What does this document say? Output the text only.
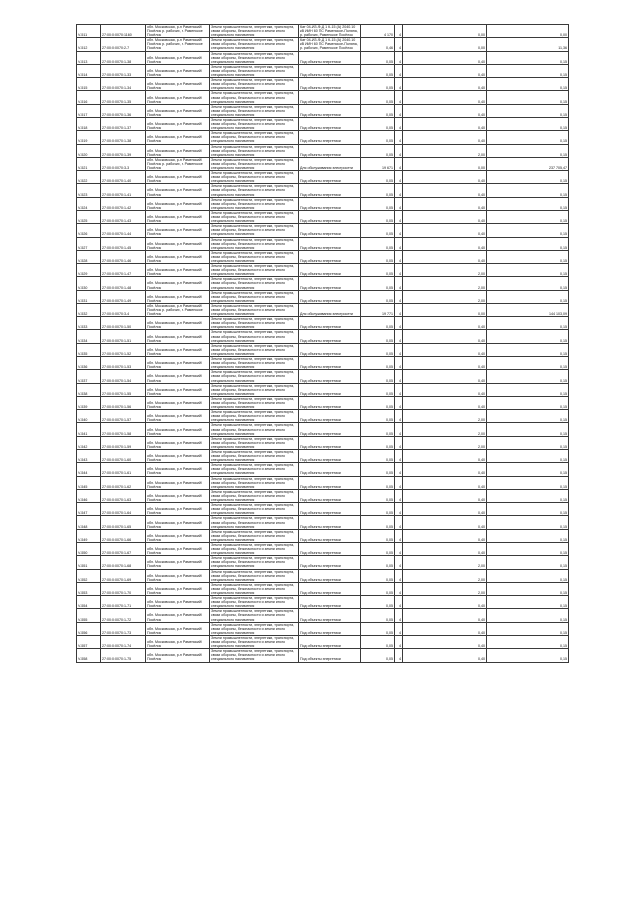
V-511	27:00:0:0070:1160	обл. Московская, р-н Раменский/Посёлок р. рабочих, г. Раменское Посёлок	Земли промышленности, энергетики, транспорта, связи обороны, безопасности и земли иного специального назначения	Кат 04-ИЗ-Ф-Д 1 К-15 (А) 2040.10 кВ ИИН 60 ПС Раменское-Поляна, р. рабочих, Раменское Посёлок	4 170	4	0,00	0,00
V-512	27:00:0:0070:2-7	обл. Московская, р-н Раменский/Посёлок р. рабочих, г. Раменское Посёлок	Земли промышленности, энергетики, транспорта, связи обороны, безопасности и земли иного специального назначения	Кат 04-ИЗ-Ф-Д 1 К-15 (А) 2040.10 кВ ИИН 60 ПС Раменское-Поляна, р. рабочих, Раменское Посёлок	0,46	4	0,00	11,36
V-513	27:00:0:0070:1-38	обл. Московская, р-н Раменский/Посёлок	Земли промышленности, энергетики, транспорта, связи обороны, безопасности и земли иного специального назначения	Под объекты энергетики	0,05	4	0,40	0,15
V-514	27:00:0:0070:1-33	обл. Московская, р-н Раменский/Посёлок	Земли промышленности, энергетики, транспорта, связи обороны, безопасности и земли иного специального назначения	Под объекты энергетики	0,05	4	0,40	0,15
V-515	27:00:0:0070:1-34	обл. Московская, р-н Раменский/Посёлок	Земли промышленности, энергетики, транспорта, связи обороны, безопасности и земли иного специального назначения	Под объекты энергетики	0,05	4	0,40	0,15
V-516	27:00:0:0070:1-35	обл. Московская, р-н Раменский/Посёлок	Земли промышленности, энергетики, транспорта, связи обороны, безопасности и земли иного специального назначения	Под объекты энергетики	0,05	4	0,40	0,15
V-517	27:00:0:0070:1-36	обл. Московская, р-н Раменский/Посёлок	Земли промышленности, энергетики, транспорта, связи обороны, безопасности и земли иного специального назначения	Под объекты энергетики	0,05	4	0,40	0,15
V-518	27:00:0:0070:1-37	обл. Московская, р-н Раменский/Посёлок	Земли промышленности, энергетики, транспорта, связи обороны, безопасности и земли иного специального назначения	Под объекты энергетики	0,05	4	0,40	0,15
V-519	27:00:0:0070:1-38	обл. Московская, р-н Раменский/Посёлок	Земли промышленности, энергетики, транспорта, связи обороны, безопасности и земли иного специального назначения	Под объекты энергетики	0,05	4	0,40	0,15
V-520	27:00:0:0070:1-39	обл. Московская, р-н Раменский/Посёлок	Земли промышленности, энергетики, транспорта, связи обороны, безопасности и земли иного специального назначения	Под объекты энергетики	0,05	4	2,00	0,15
V-521	27:00:0:0070:3-3	обл. Московская, р-н Раменский/Посёлок р. рабочих, г. Раменское Посёлок	Земли промышленности, энергетики, транспорта, связи обороны, безопасности и земли иного специального назначения	Для обслуживания электросети	19 671	4	0,00	237 705,47
V-522	27:00:0:0070:1-40	обл. Московская, р-н Раменский/Посёлок	Земли промышленности, энергетики, транспорта, связи обороны, безопасности и земли иного специального назначения	Под объекты энергетики	0,05	4	0,40	0,15
V-523	27:00:0:0070:1-41	обл. Московская, р-н Раменский/Посёлок	Земли промышленности, энергетики, транспорта, связи обороны, безопасности и земли иного специального назначения	Под объекты энергетики	0,05	4	0,40	0,15
V-524	27:00:0:0070:1-42	обл. Московская, р-н Раменский/Посёлок	Земли промышленности, энергетики, транспорта, связи обороны, безопасности и земли иного специального назначения	Под объекты энергетики	0,05	4	0,40	0,15
V-525	27:00:0:0070:1-43	обл. Московская, р-н Раменский/Посёлок	Земли промышленности, энергетики, транспорта, связи обороны, безопасности и земли иного специального назначения	Под объекты энергетики	0,05	4	0,40	0,15
V-526	27:00:0:0070:1-44	обл. Московская, р-н Раменский/Посёлок	Земли промышленности, энергетики, транспорта, связи обороны, безопасности и земли иного специального назначения	Под объекты энергетики	0,05	4	0,40	0,15
V-527	27:00:0:0070:1-45	обл. Московская, р-н Раменский/Посёлок	Земли промышленности, энергетики, транспорта, связи обороны, безопасности и земли иного специального назначения	Под объекты энергетики	0,05	4	0,40	0,15
V-528	27:00:0:0070:1-46	обл. Московская, р-н Раменский/Посёлок	Земли промышленности, энергетики, транспорта, связи обороны, безопасности и земли иного специального назначения	Под объекты энергетики	0,05	4	0,40	0,15
V-529	27:00:0:0070:1-47	обл. Московская, р-н Раменский/Посёлок	Земли промышленности, энергетики, транспорта, связи обороны, безопасности и земли иного специального назначения	Под объекты энергетики	0,05	4	2,00	0,15
V-530	27:00:0:0070:1-48	обл. Московская, р-н Раменский/Посёлок	Земли промышленности, энергетики, транспорта, связи обороны, безопасности и земли иного специального назначения	Под объекты энергетики	0,05	4	2,00	0,15
V-531	27:00:0:0070:1-49	обл. Московская, р-н Раменский/Посёлок	Земли промышленности, энергетики, транспорта, связи обороны, безопасности и земли иного специального назначения	Под объекты энергетики	0,05	4	2,00	0,15
V-532	27:00:0:0070:3-4	обл. Московская, р-н Раменский/Посёлок р. рабочих, г. Раменское Посёлок	Земли промышленности, энергетики, транспорта, связи обороны, безопасности и земли иного специального назначения	Для обслуживания электросети	19 771	4	0,00	144 103,09
V-533	27:00:0:0070:1-50	обл. Московская, р-н Раменский/Посёлок	Земли промышленности, энергетики, транспорта, связи обороны, безопасности и земли иного специального назначения	Под объекты энергетики	0,05	4	0,40	0,15
V-534	27:00:0:0070:1-51	обл. Московская, р-н Раменский/Посёлок	Земли промышленности, энергетики, транспорта, связи обороны, безопасности и земли иного специального назначения	Под объекты энергетики	0,05	4	0,40	0,15
V-535	27:00:0:0070:1-52	обл. Московская, р-н Раменский/Посёлок	Земли промышленности, энергетики, транспорта, связи обороны, безопасности и земли иного специального назначения	Под объекты энергетики	0,05	4	0,40	0,15
V-536	27:00:0:0070:1-53	обл. Московская, р-н Раменский/Посёлок	Земли промышленности, энергетики, транспорта, связи обороны, безопасности и земли иного специального назначения	Под объекты энергетики	0,05	4	0,40	0,15
V-537	27:00:0:0070:1-54	обл. Московская, р-н Раменский/Посёлок	Земли промышленности, энергетики, транспорта, связи обороны, безопасности и земли иного специального назначения	Под объекты энергетики	0,05	4	0,40	0,15
V-538	27:00:0:0070:1-55	обл. Московская, р-н Раменский/Посёлок	Земли промышленности, энергетики, транспорта, связи обороны, безопасности и земли иного специального назначения	Под объекты энергетики	0,05	4	0,40	0,15
V-539	27:00:0:0070:1-56	обл. Московская, р-н Раменский/Посёлок	Земли промышленности, энергетики, транспорта, связи обороны, безопасности и земли иного специального назначения	Под объекты энергетики	0,05	4	0,40	0,15
V-540	27:00:0:0070:1-57	обл. Московская, р-н Раменский/Посёлок	Земли промышленности, энергетики, транспорта, связи обороны, безопасности и земли иного специального назначения	Под объекты энергетики	0,05	4	2,00	0,15
V-541	27:00:0:0070:1-58	обл. Московская, р-н Раменский/Посёлок	Земли промышленности, энергетики, транспорта, связи обороны, безопасности и земли иного специального назначения	Под объекты энергетики	0,05	4	2,00	0,15
V-542	27:00:0:0070:1-59	обл. Московская, р-н Раменский/Посёлок	Земли промышленности, энергетики, транспорта, связи обороны, безопасности и земли иного специального назначения	Под объекты энергетики	0,05	4	2,00	0,15
V-543	27:00:0:0070:1-60	обл. Московская, р-н Раменский/Посёлок	Земли промышленности, энергетики, транспорта, связи обороны, безопасности и земли иного специального назначения	Под объекты энергетики	0,05	4	0,40	0,15
V-544	27:00:0:0070:1-61	обл. Московская, р-н Раменский/Посёлок	Земли промышленности, энергетики, транспорта, связи обороны, безопасности и земли иного специального назначения	Под объекты энергетики	0,05	4	0,40	0,15
V-545	27:00:0:0070:1-62	обл. Московская, р-н Раменский/Посёлок	Земли промышленности, энергетики, транспорта, связи обороны, безопасности и земли иного специального назначения	Под объекты энергетики	0,05	4	0,40	0,15
V-546	27:00:0:0070:1-63	обл. Московская, р-н Раменский/Посёлок	Земли промышленности, энергетики, транспорта, связи обороны, безопасности и земли иного специального назначения	Под объекты энергетики	0,05	4	0,40	0,15
V-547	27:00:0:0070:1-64	обл. Московская, р-н Раменский/Посёлок	Земли промышленности, энергетики, транспорта, связи обороны, безопасности и земли иного специального назначения	Под объекты энергетики	0,05	4	0,40	0,15
V-548	27:00:0:0070:1-65	обл. Московская, р-н Раменский/Посёлок	Земли промышленности, энергетики, транспорта, связи обороны, безопасности и земли иного специального назначения	Под объекты энергетики	0,05	4	0,40	0,15
V-549	27:00:0:0070:1-66	обл. Московская, р-н Раменский/Посёлок	Земли промышленности, энергетики, транспорта, связи обороны, безопасности и земли иного специального назначения	Под объекты энергетики	0,05	4	0,40	0,15
V-550	27:00:0:0070:1-67	обл. Московская, р-н Раменский/Посёлок	Земли промышленности, энергетики, транспорта, связи обороны, безопасности и земли иного специального назначения	Под объекты энергетики	0,05	4	0,40	0,15
V-551	27:00:0:0070:1-68	обл. Московская, р-н Раменский/Посёлок	Земли промышленности, энергетики, транспорта, связи обороны, безопасности и земли иного специального назначения	Под объекты энергетики	0,05	4	2,00	0,15
V-552	27:00:0:0070:1-69	обл. Московская, р-н Раменский/Посёлок	Земли промышленности, энергетики, транспорта, связи обороны, безопасности и земли иного специального назначения	Под объекты энергетики	0,05	4	2,00	0,15
V-553	27:00:0:0070:1-70	обл. Московская, р-н Раменский/Посёлок	Земли промышленности, энергетики, транспорта, связи обороны, безопасности и земли иного специального назначения	Под объекты энергетики	0,05	4	2,00	0,15
V-554	27:00:0:0070:1-71	обл. Московская, р-н Раменский/Посёлок	Земли промышленности, энергетики, транспорта, связи обороны, безопасности и земли иного специального назначения	Под объекты энергетики	0,05	4	0,40	0,15
V-555	27:00:0:0070:1-72	обл. Московская, р-н Раменский/Посёлок	Земли промышленности, энергетики, транспорта, связи обороны, безопасности и земли иного специального назначения	Под объекты энергетики	0,05	4	0,40	0,15
V-556	27:00:0:0070:1-73	обл. Московская, р-н Раменский/Посёлок	Земли промышленности, энергетики, транспорта, связи обороны, безопасности и земли иного специального назначения	Под объекты энергетики	0,05	4	0,40	0,15
V-557	27:00:0:0070:1-74	обл. Московская, р-н Раменский/Посёлок	Земли промышленности, энергетики, транспорта, связи обороны, безопасности и земли иного специального назначения	Под объекты энергетики	0,05	4	0,40	0,15
V-558	27:00:0:0070:1-75	обл. Московская, р-н Раменский/Посёлок	Земли промышленности, энергетики, транспорта, связи обороны, безопасности и земли иного специального назначения	Под объекты энергетики	0,05	4	0,40	0,15
